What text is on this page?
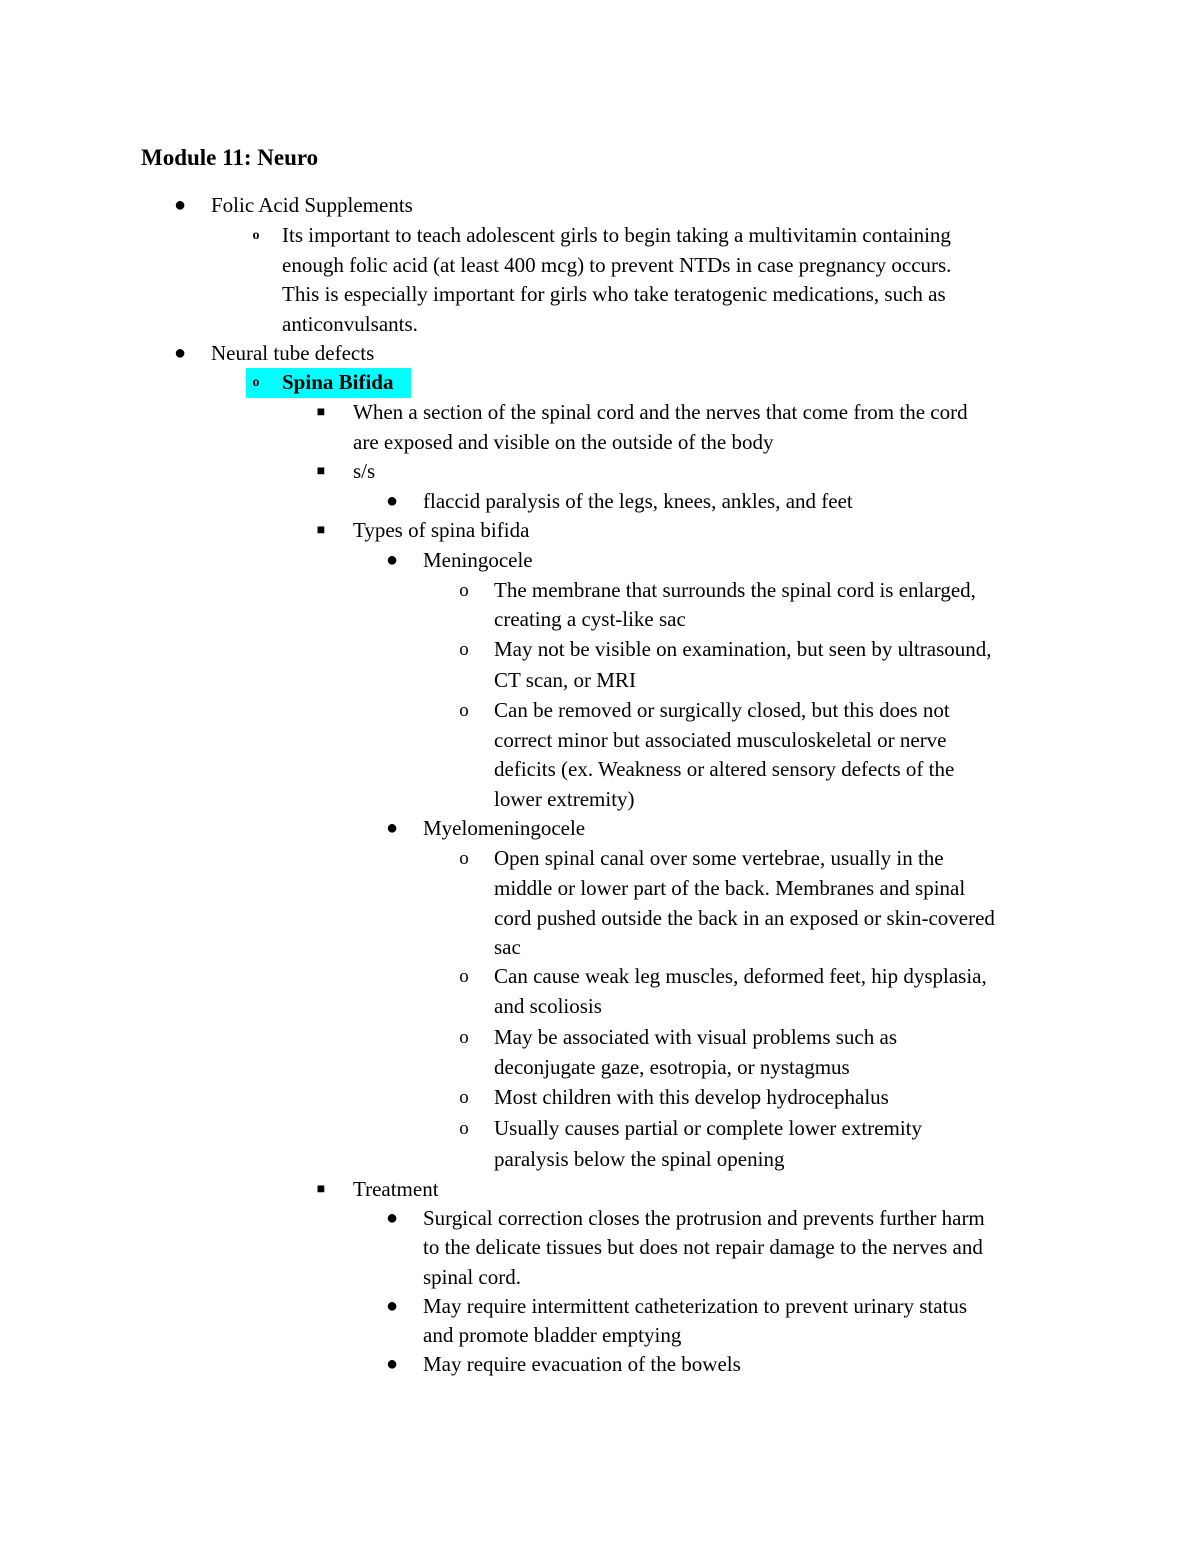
Module 11: Neuro
● Folic Acid Supplements
o	Its important to teach adolescent girls to begin taking a multivitamin containing
enough folic acid (at least 400 mcg) to prevent NTDs in case pregnancy occurs.
This is especially important for girls who take teratogenic medications, such as
anticonvulsants.
● Neural tube defects
o	Spina Bifida
■ When a section of the spinal cord and the nerves that come from the cord
are exposed and visible on the outside of the body
■ s/s
● flaccid paralysis of the legs, knees, ankles, and feet
■ Types of spina bifida
● Meningocele
o The membrane that surrounds the spinal cord is enlarged,
creating a cyst-like sac
o May not be visible on examination, but seen by ultrasound,
CT scan, or MRI
o Can be removed or surgically closed, but this does not
correct minor but associated musculoskeletal or nerve
deficits (ex. Weakness or altered sensory defects of the
lower extremity)
● Myelomeningocele
o Open spinal canal over some vertebrae, usually in the
middle or lower part of the back. Membranes and spinal
cord pushed outside the back in an exposed or skin-covered
sac
o Can cause weak leg muscles, deformed feet, hip dysplasia,
and scoliosis
o May be associated with visual problems such as
deconjugate gaze, esotropia, or nystagmus
o Most children with this develop hydrocephalus
o Usually causes partial or complete lower extremity
paralysis below the spinal opening
■ Treatment
● Surgical correction closes the protrusion and prevents further harm
to the delicate tissues but does not repair damage to the nerves and
spinal cord.
● May require intermittent catheterization to prevent urinary status
and promote bladder emptying
● May require evacuation of the bowels
